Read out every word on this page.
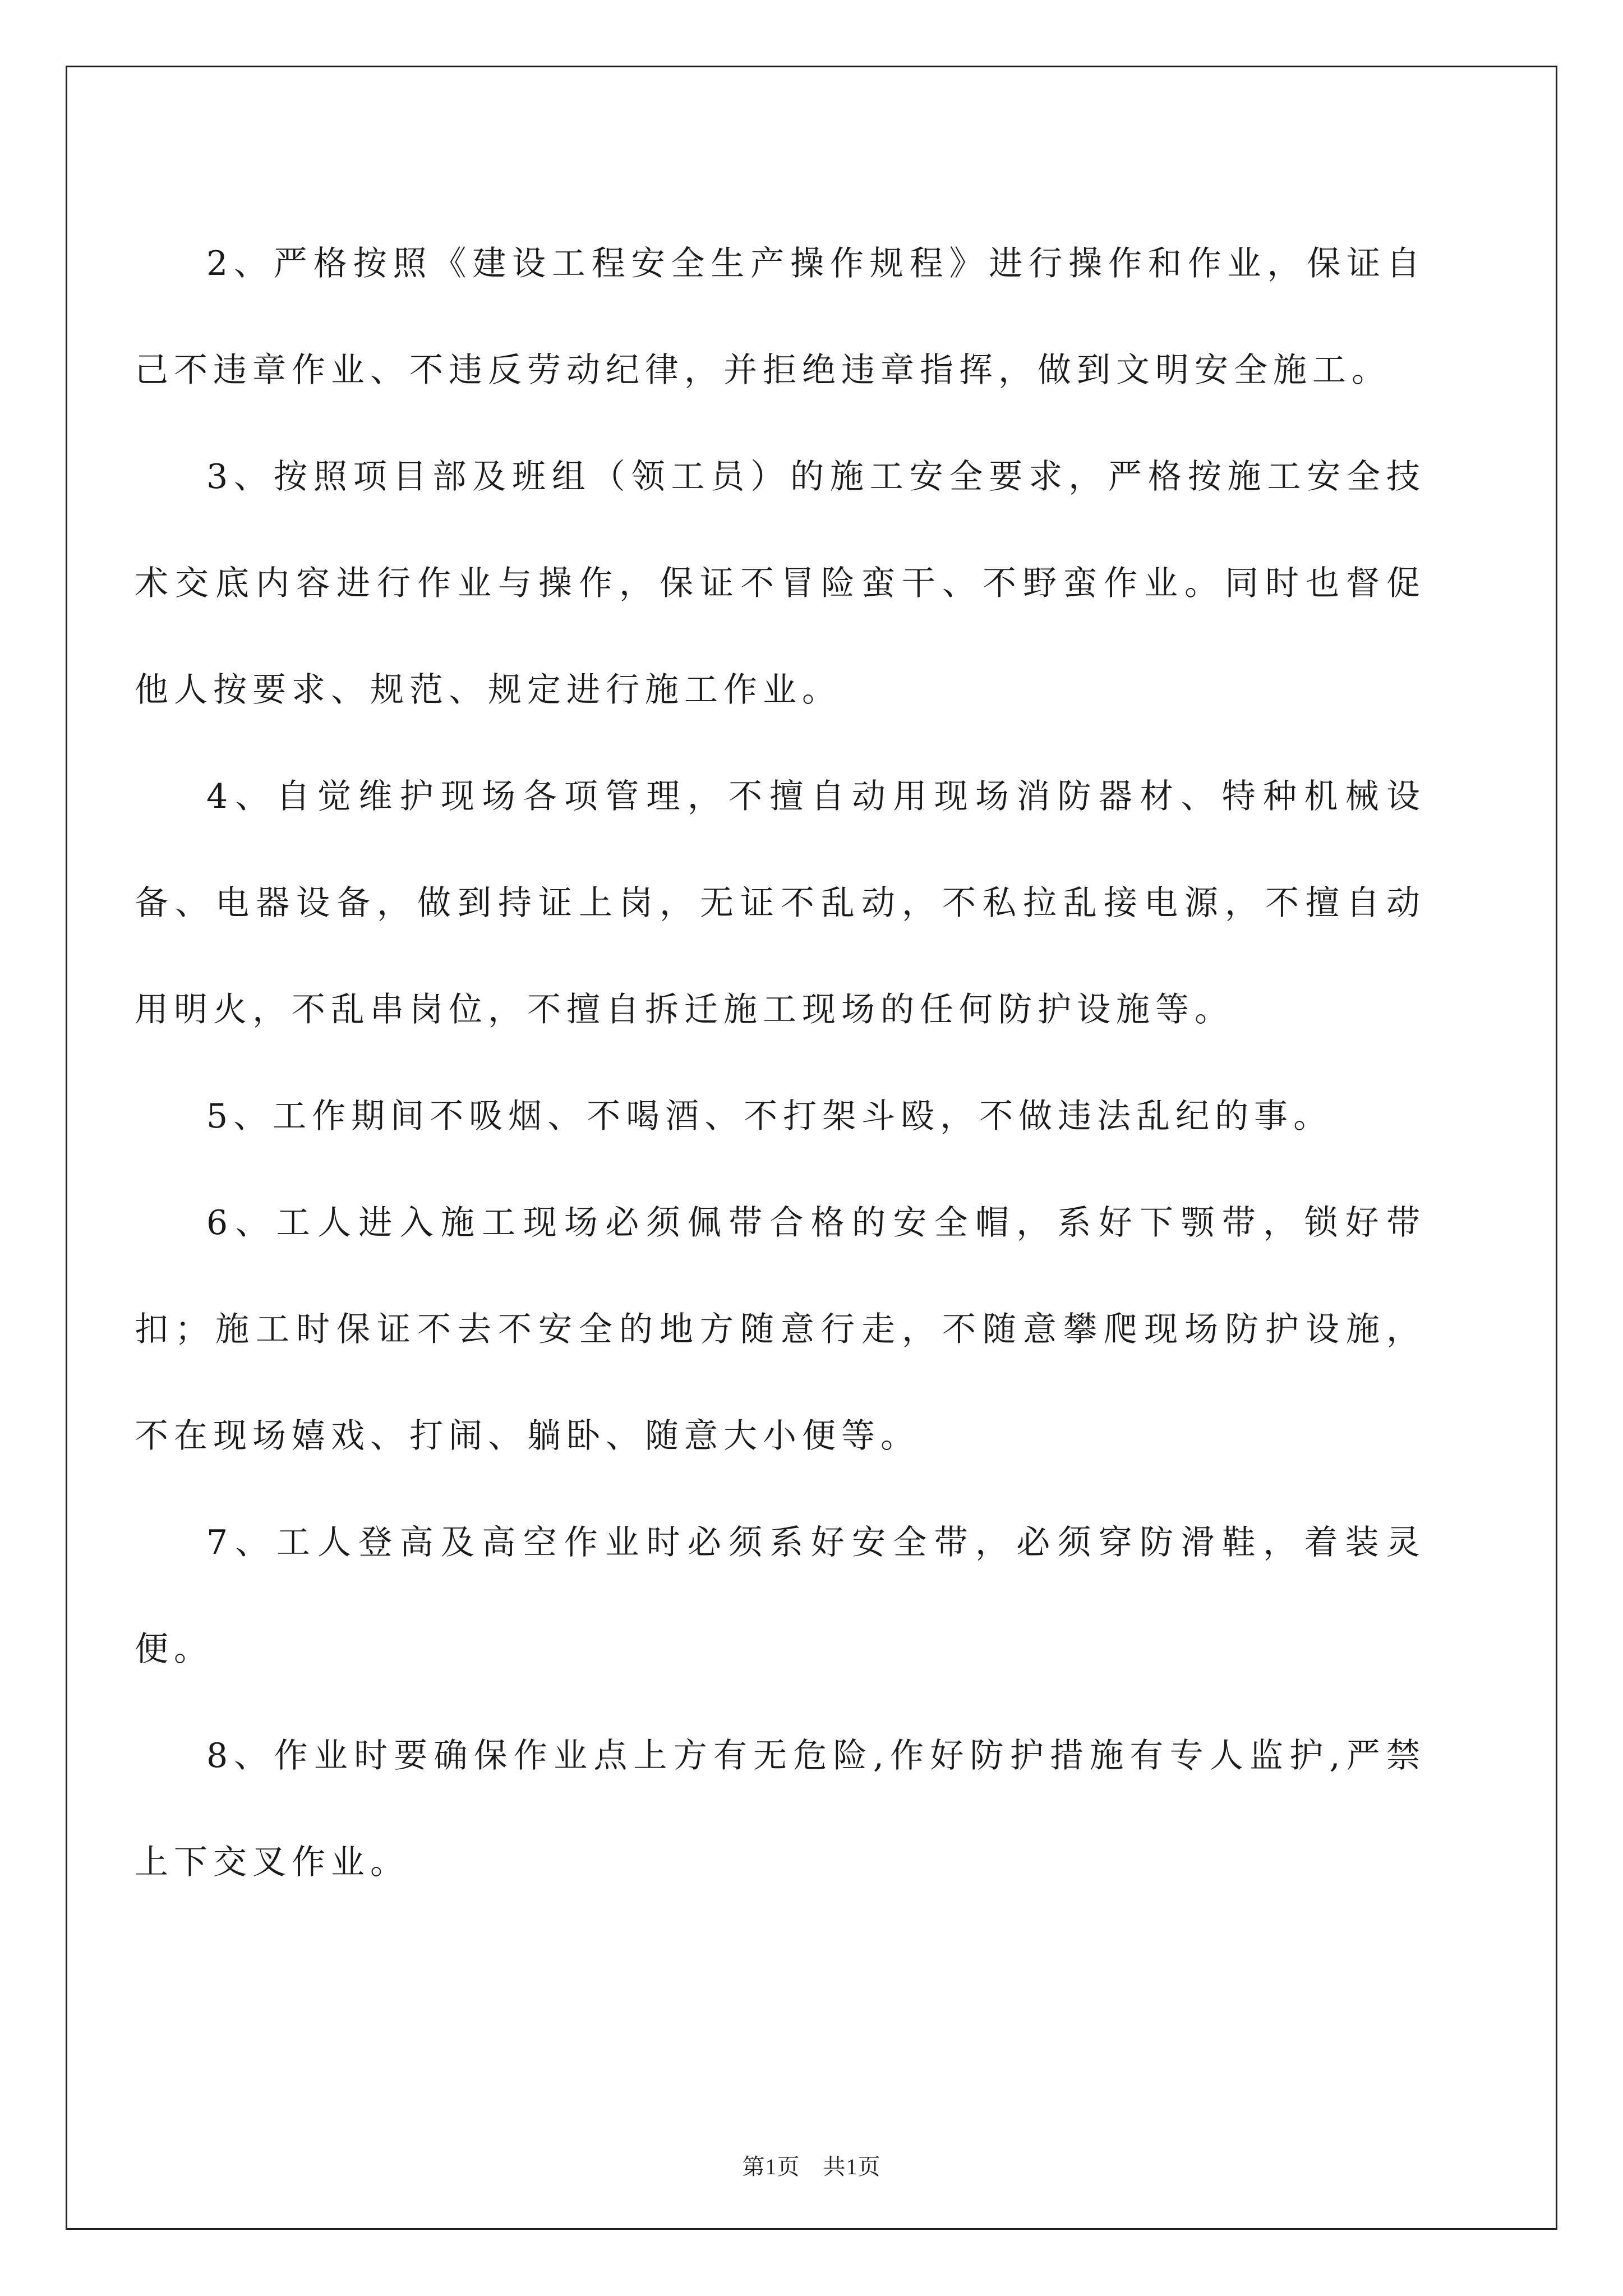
2、严格按照《建设工程安全生产操作规程》进行操作和作业，保证自己不违章作业、不违反劳动纪律，并拒绝违章指挥，做到文明安全施工。

3、按照项目部及班组（领工员）的施工安全要求，严格按施工安全技术交底内容进行作业与操作，保证不冒险蛮干、不野蛮作业。同时也督促他人按要求、规范、规定进行施工作业。

4、自觉维护现场各项管理，不擅自动用现场消防器材、特种机械设备、电器设备，做到持证上岗，无证不乱动，不私拉乱接电源，不擅自动用明火，不乱串岗位，不擅自拆迁施工现场的任何防护设施等。

5、工作期间不吸烟、不喝酒、不打架斗殴，不做违法乱纪的事。

6、工人进入施工现场必须佩带合格的安全帽，系好下颚带，锁好带扣；施工时保证不去不安全的地方随意行走，不随意攀爬现场防护设施，不在现场嬉戏、打闹、躺卧、随意大小便等。

7、工人登高及高空作业时必须系好安全带，必须穿防滑鞋，着装灵便。

8、作业时要确保作业点上方有无危险,作好防护措施有专人监护,严禁上下交叉作业。

第1页　共1页
